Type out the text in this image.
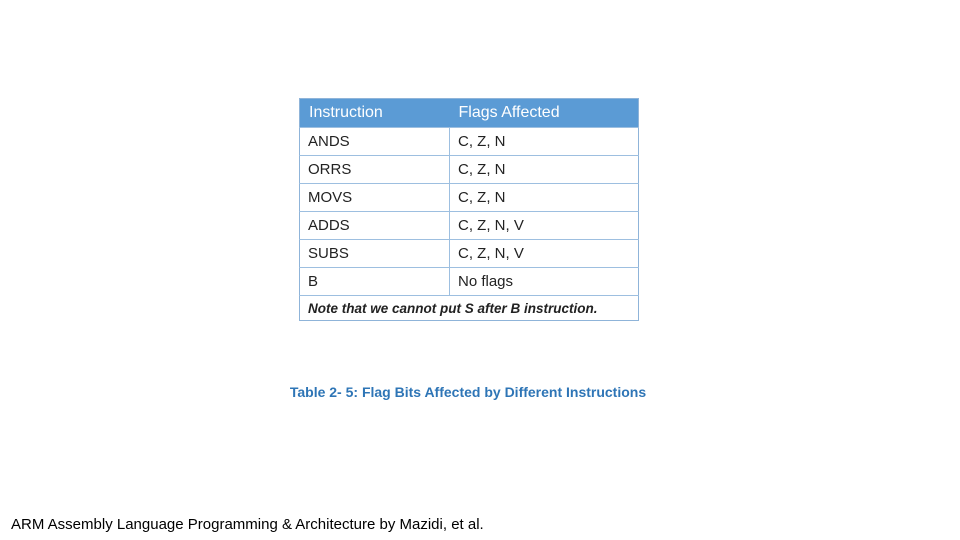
Instruction	Flags Affected
ANDS	C, Z, N
ORRS	C, Z, N
MOVS	C, Z, N
ADDS	C, Z, N, V
SUBS	C, Z, N, V
B	No flags
Note that we cannot put S after B instruction.	
Table 2- 5: Flag Bits Affected by Different Instructions
ARM Assembly Language Programming & Architecture by Mazidi, et al.
